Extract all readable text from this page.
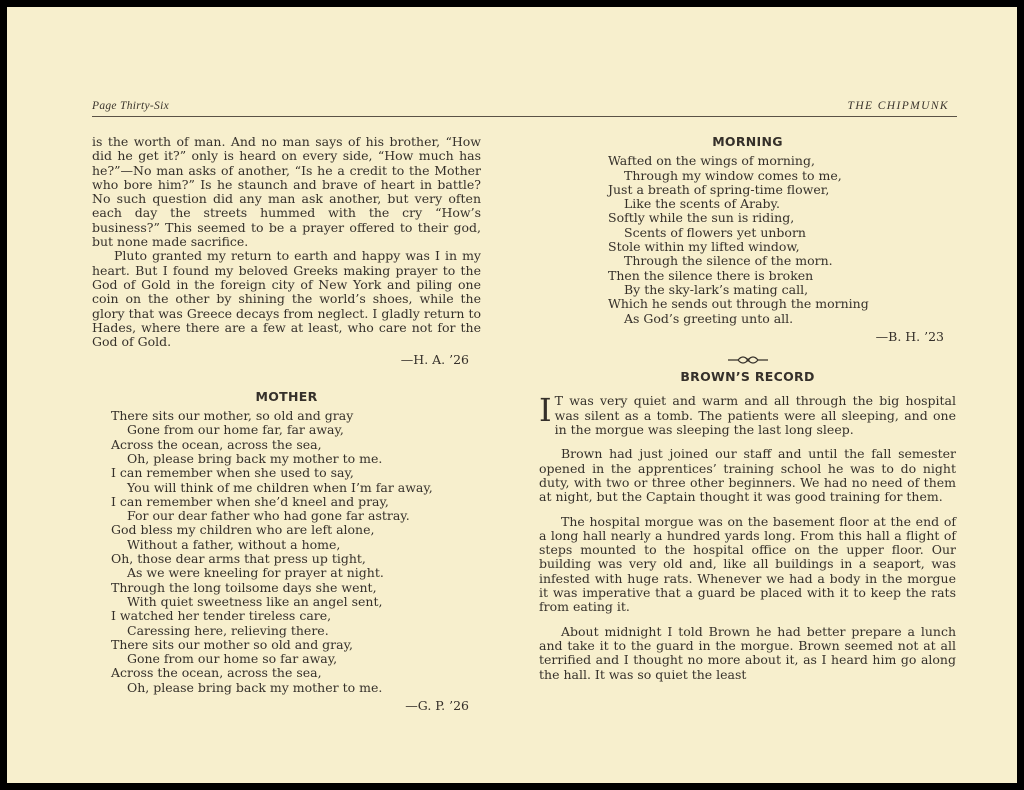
Page Thirty-Six	THE CHIPMUNK

is the worth of man. And no man says of his brother, “How did he get it?” only is heard on every side, “How much has he?”—No man asks of another, “Is he a credit to the Mother who bore him?” Is he staunch and brave of heart in battle? No such question did any man ask another, but very often each day the streets hummed with the cry “How’s business?” This seemed to be a prayer offered to their god, but none made sacrifice.

Pluto granted my return to earth and happy was I in my heart. But I found my beloved Greeks making prayer to the God of Gold in the foreign city of New York and piling one coin on the other by shining the world’s shoes, while the glory that was Greece decays from neglect. I gladly return to Hades, where there are a few at least, who care not for the God of Gold.

—H. A. ’26
MOTHER
There sits our mother, so old and gray
Gone from our home far, far away,
Across the ocean, across the sea,
Oh, please bring back my mother to me.
I can remember when she used to say,
You will think of me children when I’m far away,
I can remember when she’d kneel and pray,
For our dear father who had gone far astray.
God bless my children who are left alone,
Without a father, without a home,
Oh, those dear arms that press up tight,
As we were kneeling for prayer at night.
Through the long toilsome days she went,
With quiet sweetness like an angel sent,
I watched her tender tireless care,
Caressing here, relieving there.
There sits our mother so old and gray,
Gone from our home so far away,
Across the ocean, across the sea,
Oh, please bring back my mother to me.
—G. P. ’26
MORNING
Wafted on the wings of morning,
Through my window comes to me,
Just a breath of spring-time flower,
Like the scents of Araby.
Softly while the sun is riding,
Scents of flowers yet unborn
Stole within my lifted window,
Through the silence of the morn.
Then the silence there is broken
By the sky-lark’s mating call,
Which he sends out through the morning
As God’s greeting unto all.
—B. H. ’23
BROWN’S RECORD

I T was very quiet and warm and all through the big hospital was silent as a tomb. The patients were all sleeping, and one in the morgue was sleeping the last long sleep.

Brown had just joined our staff and until the fall semester opened in the apprentices’ training school he was to do night duty, with two or three other beginners. We had no need of them at night, but the Captain thought it was good training for them.

The hospital morgue was on the basement floor at the end of a long hall nearly a hundred yards long. From this hall a flight of steps mounted to the hospital office on the upper floor. Our building was very old and, like all buildings in a seaport, was infested with huge rats. Whenever we had a body in the morgue it was imperative that a guard be placed with it to keep the rats from eating it.

About midnight I told Brown he had better prepare a lunch and take it to the guard in the morgue. Brown seemed not at all terrified and I thought no more about it, as I heard him go along the hall. It was so quiet the least
